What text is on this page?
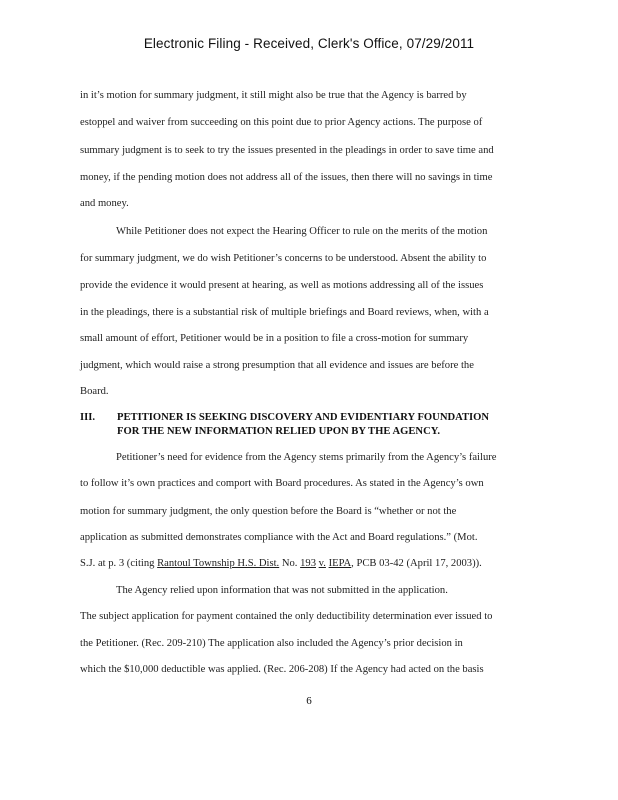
Electronic Filing - Received, Clerk's Office, 07/29/2011
in it’s motion for summary judgment, it still might also be true that the Agency is barred by
estoppel and waiver from succeeding on this point due to prior Agency actions. The purpose of
summary judgment is to seek to try the issues presented in the pleadings in order to save time and
money, if the pending motion does not address all of the issues, then there will no savings in time
and money.
While Petitioner does not expect the Hearing Officer to rule on the merits of the motion
for summary judgment, we do wish Petitioner’s concerns to be understood. Absent the ability to
provide the evidence it would present at hearing, as well as motions addressing all of the issues
in the pleadings, there is a substantial risk of multiple briefings and Board reviews, when, with a
small amount of effort, Petitioner would be in a position to file a cross-motion for summary
judgment, which would raise a strong presumption that all evidence and issues are before the
Board.
III. PETITIONER IS SEEKING DISCOVERY AND EVIDENTIARY FOUNDATION
FOR THE NEW INFORMATION RELIED UPON BY THE AGENCY.
Petitioner’s need for evidence from the Agency stems primarily from the Agency’s failure
to follow it’s own practices and comport with Board procedures. As stated in the Agency’s own
motion for summary judgment, the only question before the Board is “whether or not the
application as submitted demonstrates compliance with the Act and Board regulations.” (Mot.
S.J. at p. 3 (citing Rantoul Township H.S. Dist. No. 193 v. IEPA, PCB 03-42 (April 17, 2003)).
The Agency relied upon information that was not submitted in the application.
The subject application for payment contained the only deductibility determination ever issued to
the Petitioner. (Rec. 209-210) The application also included the Agency’s prior decision in
which the $10,000 deductible was applied. (Rec. 206-208) If the Agency had acted on the basis
6
